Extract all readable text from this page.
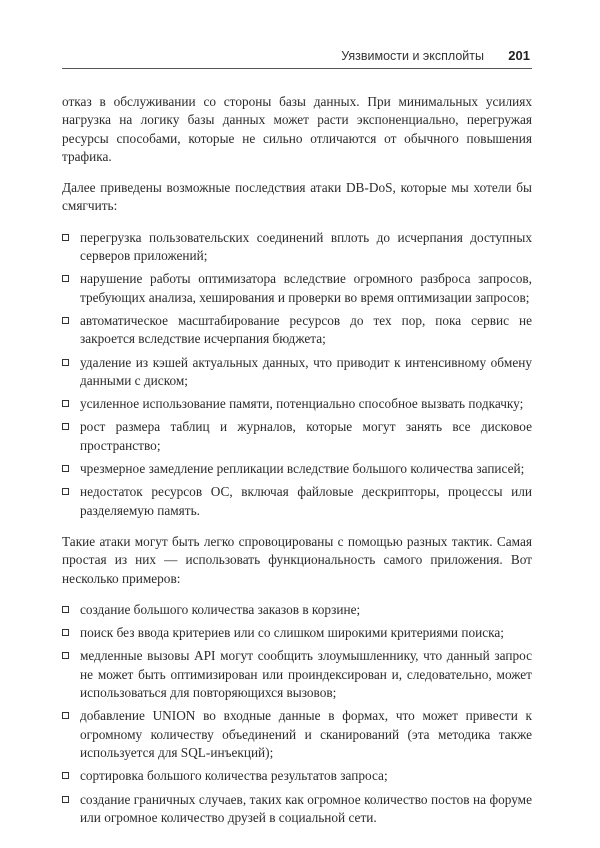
Уязвимости и эксплойты 201

отказ в обслуживании со стороны базы данных. При минимальных усилиях нагрузка на логику базы данных может расти экспоненциально, перегружая ресурсы способами, которые не сильно отличаются от обычного повышения трафика.

Далее приведены возможные последствия атаки DB-DoS, которые мы хотели бы смягчить:

перегрузка пользовательских соединений вплоть до исчерпания доступных серверов приложений;
нарушение работы оптимизатора вследствие огромного разброса запросов, требующих анализа, хеширования и проверки во время оптимизации запросов;
автоматическое масштабирование ресурсов до тех пор, пока сервис не закроется вследствие исчерпания бюджета;
удаление из кэшей актуальных данных, что приводит к интенсивному обмену данными с диском;
усиленное использование памяти, потенциально способное вызвать подкачку;
рост размера таблиц и журналов, которые могут занять все дисковое пространство;
чрезмерное замедление репликации вследствие большого количества записей;
недостаток ресурсов ОС, включая файловые дескрипторы, процессы или разделяемую память.

Такие атаки могут быть легко спровоцированы с помощью разных тактик. Самая простая из них — использовать функциональность самого приложения. Вот несколько примеров:

создание большого количества заказов в корзине;
поиск без ввода критериев или со слишком широкими критериями поиска;
медленные вызовы API могут сообщить злоумышленнику, что данный запрос не может быть оптимизирован или проиндексирован и, следовательно, может использоваться для повторяющихся вызовов;
добавление UNION во входные данные в формах, что может привести к огромному количеству объединений и сканирований (эта методика также используется для SQL-инъекций);
сортировка большого количества результатов запроса;
создание граничных случаев, таких как огромное количество постов на форуме или огромное количество друзей в социальной сети.
